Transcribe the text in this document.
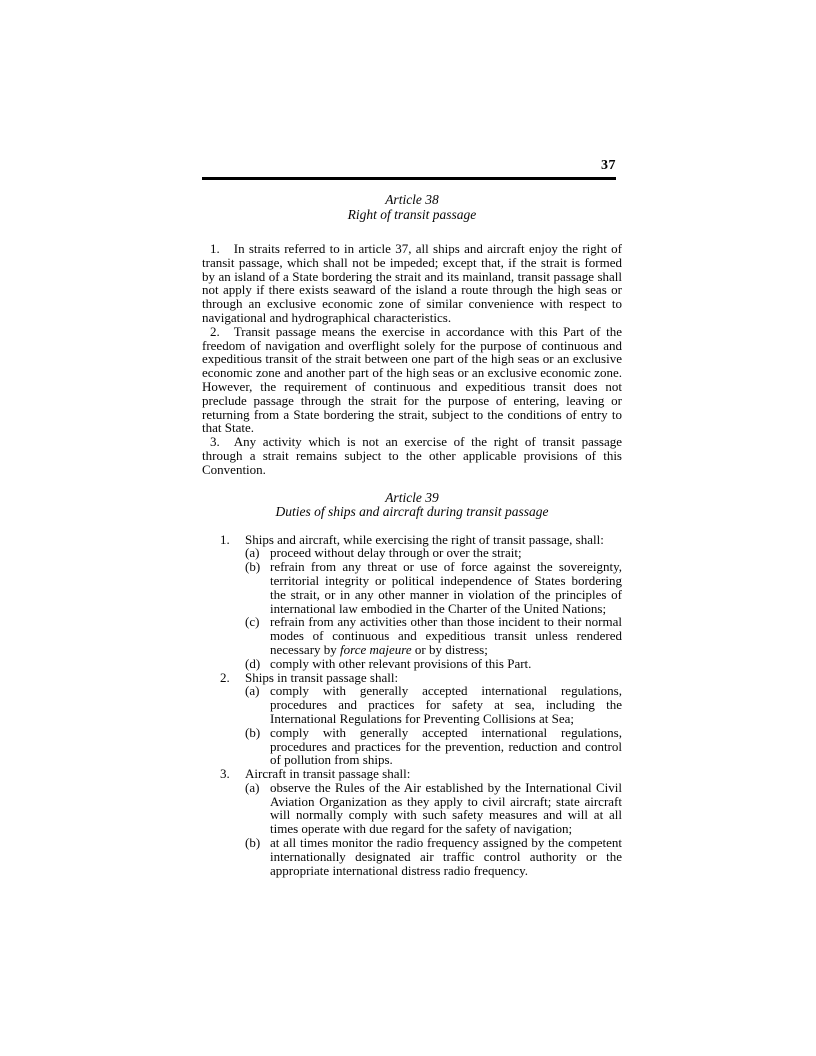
37

Article 38

Right of transit passage

1. In straits referred to in article 37, all ships and aircraft enjoy the right of transit passage, which shall not be impeded; except that, if the strait is formed by an island of a State bordering the strait and its mainland, transit passage shall not apply if there exists seaward of the island a route through the high seas or through an exclusive economic zone of similar convenience with respect to navigational and hydrographical characteristics.

2. Transit passage means the exercise in accordance with this Part of the freedom of navigation and overflight solely for the purpose of continuous and expeditious transit of the strait between one part of the high seas or an exclusive economic zone and another part of the high seas or an exclusive economic zone. However, the requirement of continuous and expeditious transit does not preclude passage through the strait for the purpose of entering, leaving or returning from a State bordering the strait, subject to the conditions of entry to that State.

3. Any activity which is not an exercise of the right of transit passage through a strait remains subject to the other applicable provisions of this Convention.

Article 39

Duties of ships and aircraft during transit passage

1. Ships and aircraft, while exercising the right of transit passage, shall:
(a) proceed without delay through or over the strait;
(b) refrain from any threat or use of force against the sovereignty, territorial integrity or political independence of States bordering the strait, or in any other manner in violation of the principles of international law embodied in the Charter of the United Nations;
(c) refrain from any activities other than those incident to their normal modes of continuous and expeditious transit unless rendered necessary by force majeure or by distress;
(d) comply with other relevant provisions of this Part.
2. Ships in transit passage shall:
(a) comply with generally accepted international regulations, procedures and practices for safety at sea, including the International Regulations for Preventing Collisions at Sea;
(b) comply with generally accepted international regulations, procedures and practices for the prevention, reduction and control of pollution from ships.
3. Aircraft in transit passage shall:
(a) observe the Rules of the Air established by the International Civil Aviation Organization as they apply to civil aircraft; state aircraft will normally comply with such safety measures and will at all times operate with due regard for the safety of navigation;
(b) at all times monitor the radio frequency assigned by the competent internationally designated air traffic control authority or the appropriate international distress radio frequency.
